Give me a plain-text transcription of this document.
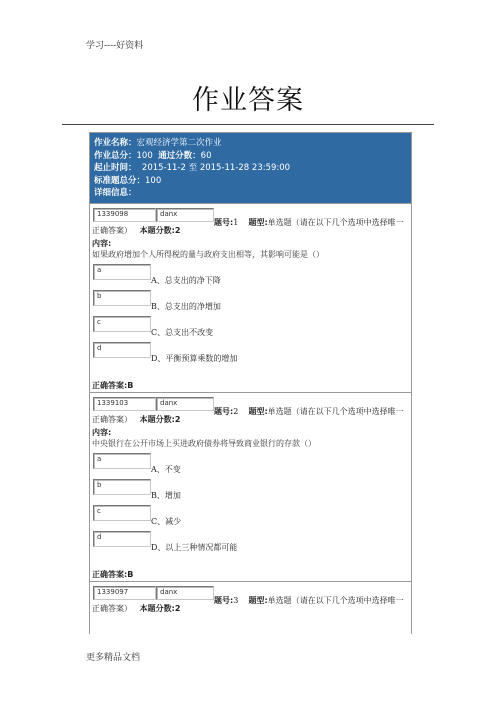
学习----好资料
作业答案
作业名称：宏观经济学第二次作业
作业总分：100 通过分数：60
起止时间： 2015-11-2 至 2015-11-28 23:59:00
标准题总分：100
详细信息：
1339098	danx
题号:1 题型:单选题（请在以下几个选项中选择唯一
正确答案） 本题分数:2
内容:
如果政府增加个人所得税的量与政府支出相等，其影响可能是（）
a
A、总支出的净下降
b
B、总支出的净增加
c
C、总支出不改变
d
D、平衡预算乘数的增加
正确答案:B
1339103	danx
题号:2 题型:单选题（请在以下几个选项中选择唯一
正确答案） 本题分数:2
内容:
中央银行在公开市场上买进政府债券将导致商业银行的存款（）
a
A、不变
b
B、增加
c
C、减少
d
D、以上三种情况都可能
正确答案:B
1339097	danx
题号:3 题型:单选题（请在以下几个选项中选择唯一
正确答案） 本题分数:2
更多精品文档
